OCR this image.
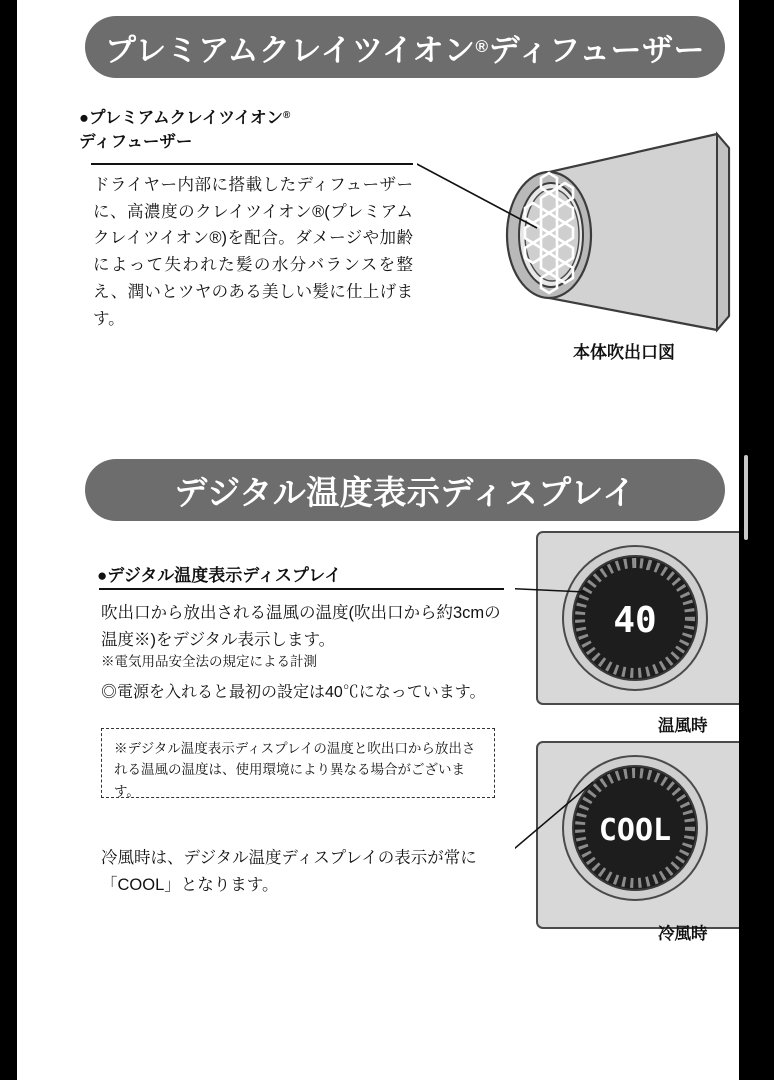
プレミアムクレイツイオン ® ディフューザー
●プレミアムクレイツイオン®
ディフューザー
ドライヤー内部に搭載したディフューザーに、高濃度のクレイツイオン®(プレミアムクレイツイオン®)を配合。ダメージや加齢によって失われた髪の水分バランスを整え、潤いとツヤのある美しい髪に仕上げます。
本体吹出口図
デジタル温度表示ディスプレイ
●デジタル温度表示ディスプレイ
吹出口から放出される温風の温度(吹出口から約3cmの温度※)をデジタル表示します。
※電気用品安全法の規定による計測
◎電源を入れると最初の設定は40℃になっています。

※デジタル温度表示ディスプレイの温度と吹出口から放出される温風の温度は、使用環境により異なる場合がございます。

冷風時は、デジタル温度ディスプレイの表示が常に「COOL」となります。
40
COOL
温風時
冷風時
